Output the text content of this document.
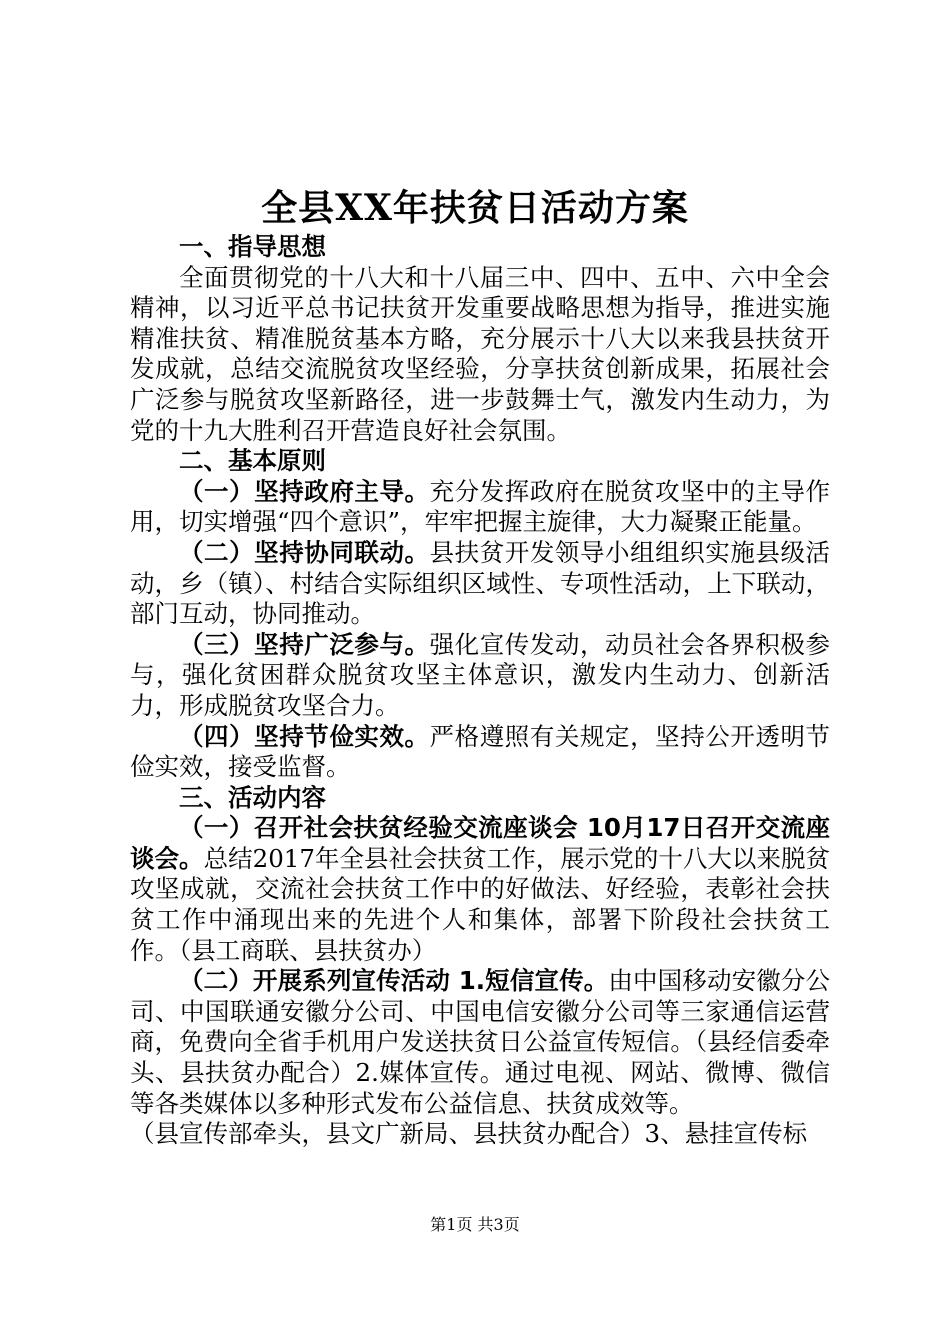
全县XX年扶贫日活动方案

一、指导思想

全面贯彻党的十八大和十八届三中、四中、五中、六中全会精神，以习近平总书记扶贫开发重要战略思想为指导，推进实施精准扶贫、精准脱贫基本方略，充分展示十八大以来我县扶贫开发成就，总结交流脱贫攻坚经验，分享扶贫创新成果，拓展社会广泛参与脱贫攻坚新路径，进一步鼓舞士气，激发内生动力，为党的十九大胜利召开营造良好社会氛围。

二、基本原则

（一）坚持政府主导。充分发挥政府在脱贫攻坚中的主导作用，切实增强“四个意识”，牢牢把握主旋律，大力凝聚正能量。

（二）坚持协同联动。县扶贫开发领导小组组织实施县级活动，乡（镇）、村结合实际组织区域性、专项性活动，上下联动，部门互动，协同推动。

（三）坚持广泛参与。强化宣传发动，动员社会各界积极参与，强化贫困群众脱贫攻坚主体意识，激发内生动力、创新活力，形成脱贫攻坚合力。

（四）坚持节俭实效。严格遵照有关规定，坚持公开透明节俭实效，接受监督。

三、活动内容

（一）召开社会扶贫经验交流座谈会 10月17日召开交流座谈会。总结2017年全县社会扶贫工作，展示党的十八大以来脱贫攻坚成就，交流社会扶贫工作中的好做法、好经验，表彰社会扶贫工作中涌现出来的先进个人和集体，部署下阶段社会扶贫工作。（县工商联、县扶贫办）

（二）开展系列宣传活动 1.短信宣传。由中国移动安徽分公司、中国联通安徽分公司、中国电信安徽分公司等三家通信运营商，免费向全省手机用户发送扶贫日公益宣传短信。（县经信委牵头、县扶贫办配合）2.媒体宣传。通过电视、网站、微博、微信等各类媒体以多种形式发布公益信息、扶贫成效等。

（县宣传部牵头，县文广新局、县扶贫办配合）3、悬挂宣传标

第1页 共3页
